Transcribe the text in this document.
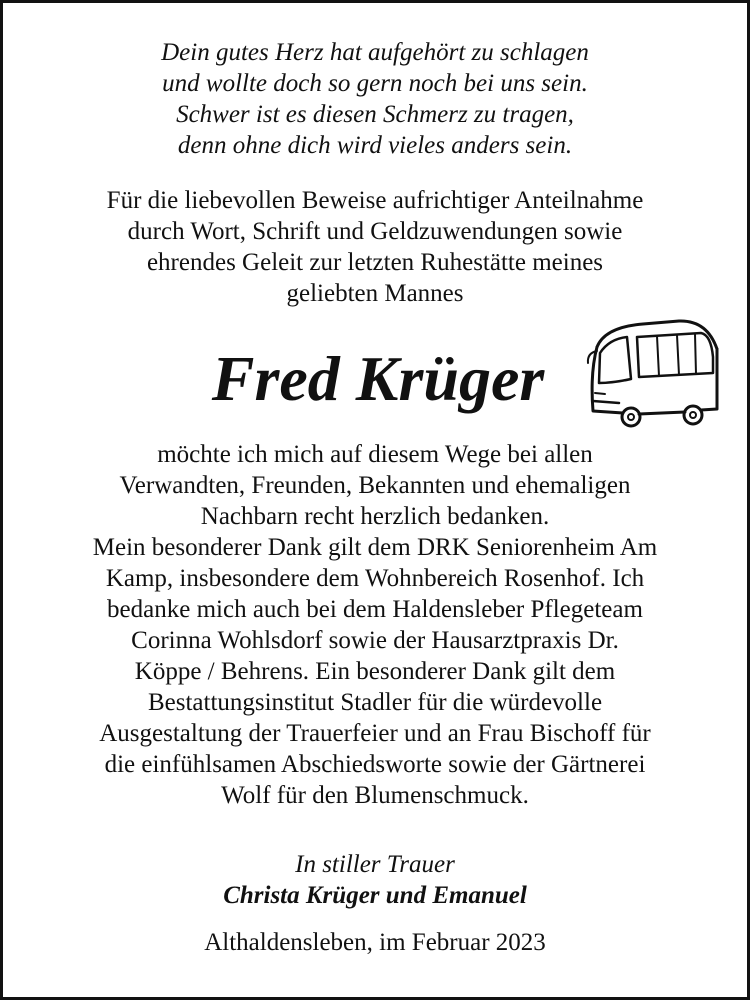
Dein gutes Herz hat aufgehört zu schlagen
und wollte doch so gern noch bei uns sein.
Schwer ist es diesen Schmerz zu tragen,
denn ohne dich wird vieles anders sein.
Für die liebevollen Beweise aufrichtiger Anteilnahme
durch Wort, Schrift und Geldzuwendungen sowie
ehrendes Geleit zur letzten Ruhestätte meines
geliebten Mannes
Fred Krüger
möchte ich mich auf diesem Wege bei allen
Verwandten, Freunden, Bekannten und ehemaligen
Nachbarn recht herzlich bedanken.
Mein besonderer Dank gilt dem DRK Seniorenheim Am
Kamp, insbesondere dem Wohnbereich Rosenhof. Ich
bedanke mich auch bei dem Haldensleber Pflegeteam
Corinna Wohlsdorf sowie der Hausarztpraxis Dr.
Köppe / Behrens. Ein besonderer Dank gilt dem
Bestattungsinstitut Stadler für die würdevolle
Ausgestaltung der Trauerfeier und an Frau Bischoff für
die einfühlsamen Abschiedsworte sowie der Gärtnerei
Wolf für den Blumenschmuck.
In stiller Trauer
Christa Krüger und Emanuel
Althaldensleben, im Februar 2023
